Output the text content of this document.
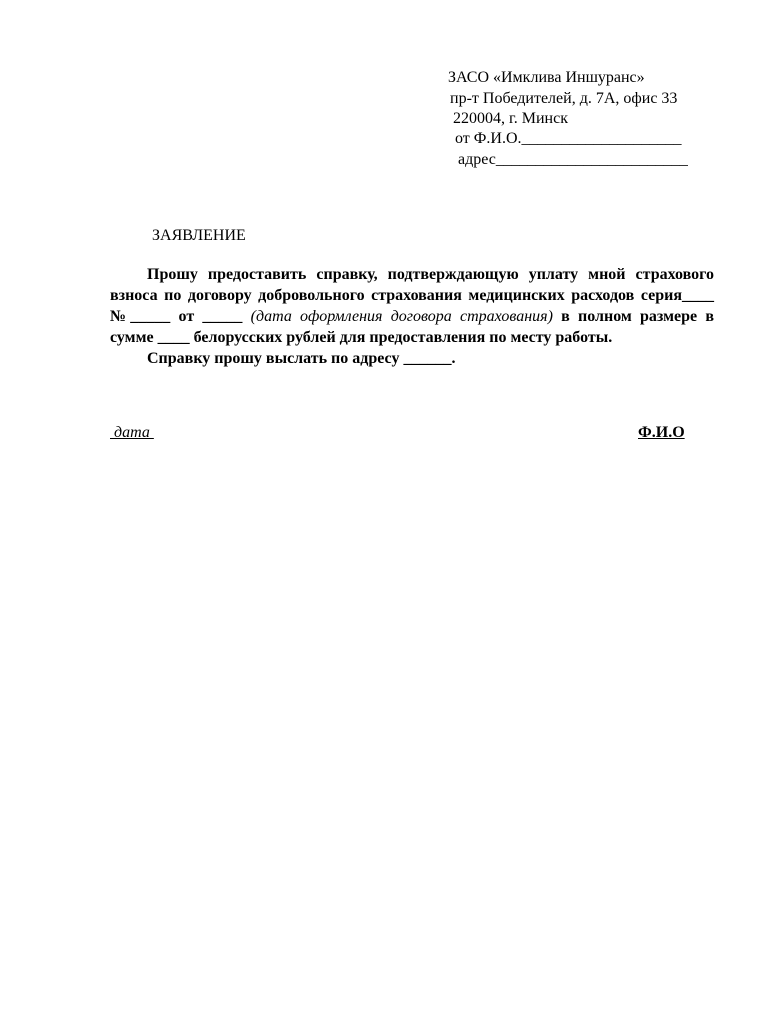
ЗАСО «Имклива Иншуранс»
пр-т Победителей, д. 7А, офис 33
220004, г. Минск
от Ф.И.О.____________________
адрес________________________
ЗАЯВЛЕНИЕ

Прошу предоставить справку, подтверждающую уплату мной страхового взноса по договору добровольного страхования медицинских расходов серия____ №_____ от _____ (дата оформления договора страхования) в полном размере в сумме ____ белорусских рублей для предоставления по месту работы.

Справку прошу выслать по адресу ______.

дата	Ф.И.О
